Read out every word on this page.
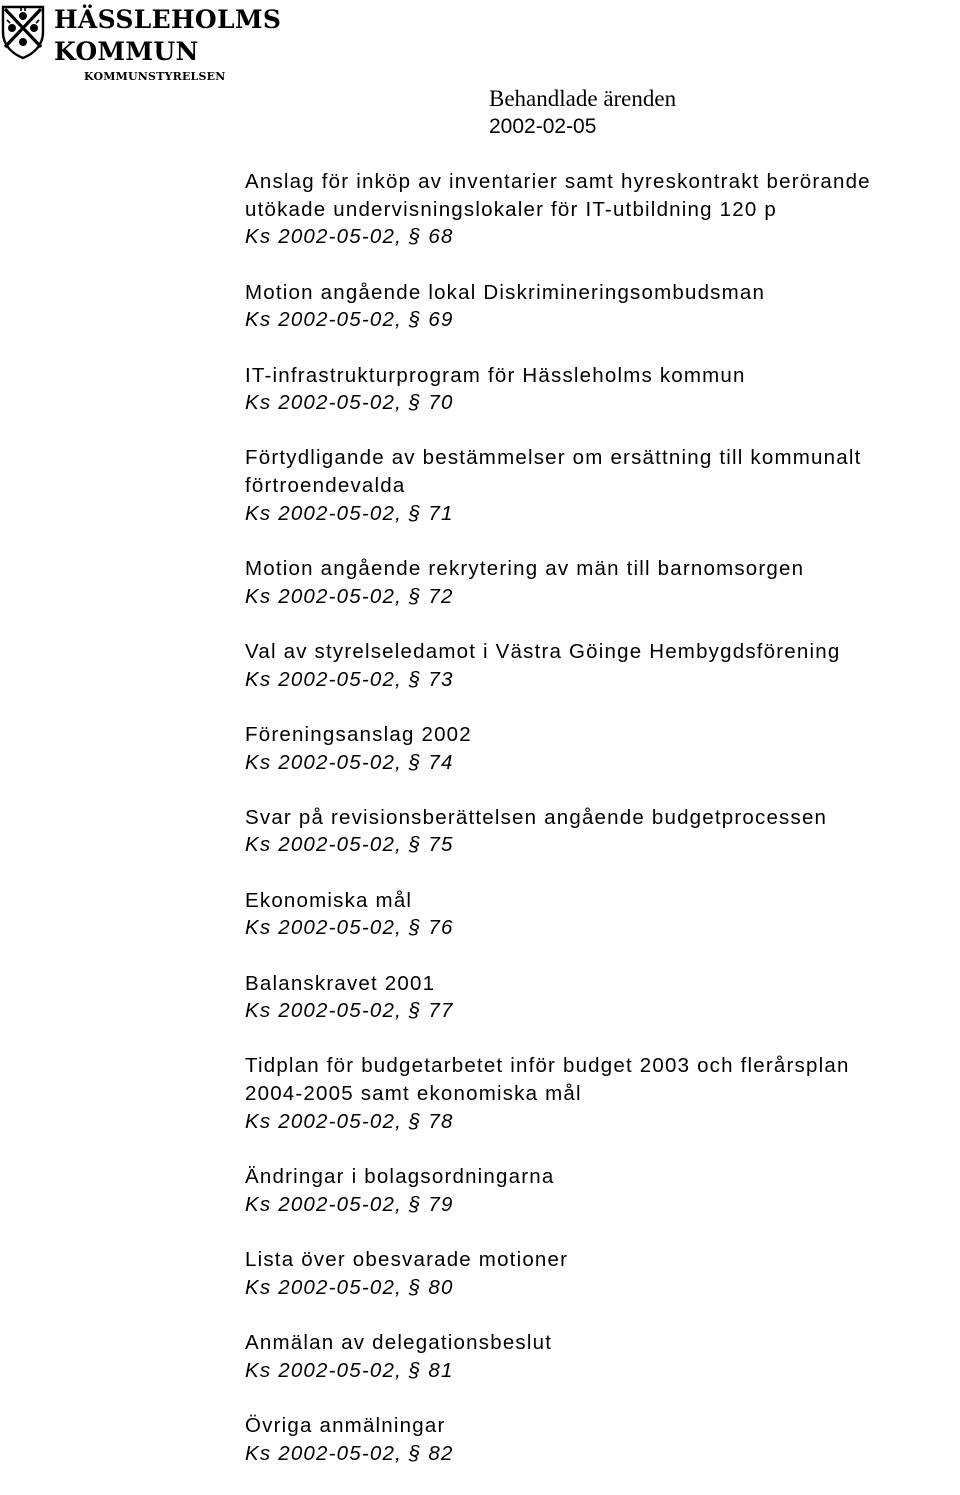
HÄSSLEHOLMS
KOMMUN
KOMMUNSTYRELSEN
Behandlade ärenden
2002-02-05
Anslag för inköp av inventarier samt hyreskontrakt berörande
utökade undervisningslokaler för IT-utbildning 120 p
Ks 2002-05-02, § 68
Motion angående lokal Diskrimineringsombudsman
Ks 2002-05-02, § 69
IT-infrastrukturprogram för Hässleholms kommun
Ks 2002-05-02, § 70
Förtydligande av bestämmelser om ersättning till kommunalt
förtroendevalda
Ks 2002-05-02, § 71
Motion angående rekrytering av män till barnomsorgen
Ks 2002-05-02, § 72
Val av styrelseledamot i Västra Göinge Hembygdsförening
Ks 2002-05-02, § 73
Föreningsanslag 2002
Ks 2002-05-02, § 74
Svar på revisionsberättelsen angående budgetprocessen
Ks 2002-05-02, § 75
Ekonomiska mål
Ks 2002-05-02, § 76
Balanskravet 2001
Ks 2002-05-02, § 77
Tidplan för budgetarbetet inför budget 2003 och flerårsplan
2004-2005 samt ekonomiska mål
Ks 2002-05-02, § 78
Ändringar i bolagsordningarna
Ks 2002-05-02, § 79
Lista över obesvarade motioner
Ks 2002-05-02, § 80
Anmälan av delegationsbeslut
Ks 2002-05-02, § 81
Övriga anmälningar
Ks 2002-05-02, § 82
